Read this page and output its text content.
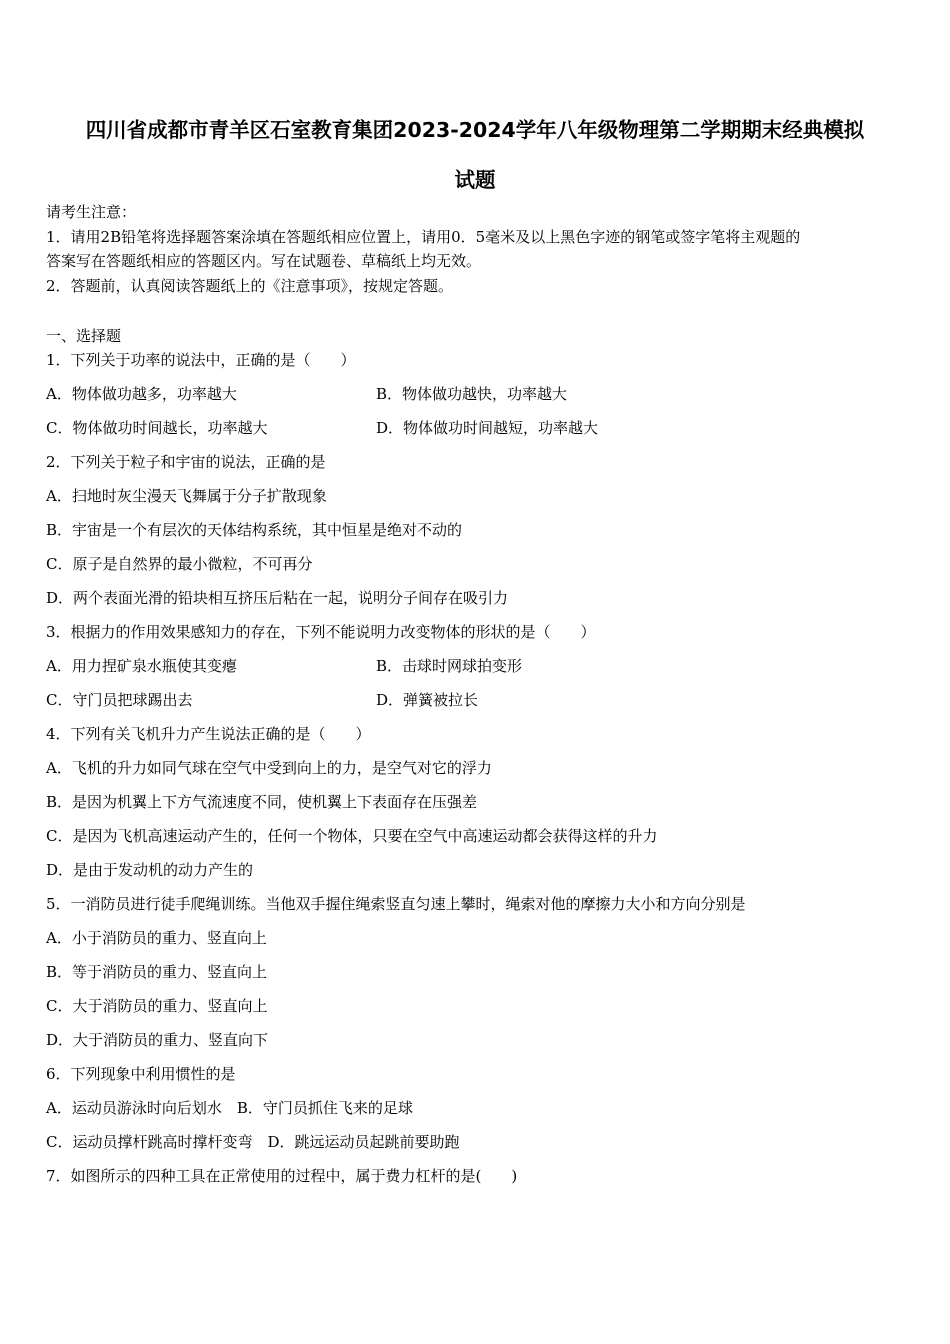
四川省成都市青羊区石室教育集团2023-2024学年八年级物理第二学期期末经典模拟
试题
请考生注意：
1．请用2B铅笔将选择题答案涂填在答题纸相应位置上，请用0．5毫米及以上黑色字迹的钢笔或签字笔将主观题的
答案写在答题纸相应的答题区内。写在试题卷、草稿纸上均无效。
2．答题前，认真阅读答题纸上的《注意事项》，按规定答题。
一、选择题
1．下列关于功率的说法中，正确的是（　　）
A．物体做功越多，功率越大	B．物体做功越快，功率越大
C．物体做功时间越长，功率越大	D．物体做功时间越短，功率越大
2．下列关于粒子和宇宙的说法，正确的是
A．扫地时灰尘漫天飞舞属于分子扩散现象
B．宇宙是一个有层次的天体结构系统，其中恒星是绝对不动的
C．原子是自然界的最小微粒，不可再分
D．两个表面光滑的铅块相互挤压后粘在一起，说明分子间存在吸引力
3．根据力的作用效果感知力的存在，下列不能说明力改变物体的形状的是（　　）
A．用力捏矿泉水瓶使其变瘪	B．击球时网球拍变形
C．守门员把球踢出去	D．弹簧被拉长
4．下列有关飞机升力产生说法正确的是（　　）
A．飞机的升力如同气球在空气中受到向上的力，是空气对它的浮力
B．是因为机翼上下方气流速度不同，使机翼上下表面存在压强差
C．是因为飞机高速运动产生的，任何一个物体，只要在空气中高速运动都会获得这样的升力
D．是由于发动机的动力产生的
5．一消防员进行徒手爬绳训练。当他双手握住绳索竖直匀速上攀时，绳索对他的摩擦力大小和方向分别是
A．小于消防员的重力、竖直向上
B．等于消防员的重力、竖直向上
C．大于消防员的重力、竖直向上
D．大于消防员的重力、竖直向下
6．下列现象中利用惯性的是
A．运动员游泳时向后划水　B．守门员抓住飞来的足球
C．运动员撑杆跳高时撑杆变弯　D．跳远运动员起跳前要助跑
7．如图所示的四种工具在正常使用的过程中，属于费力杠杆的是(　　)
